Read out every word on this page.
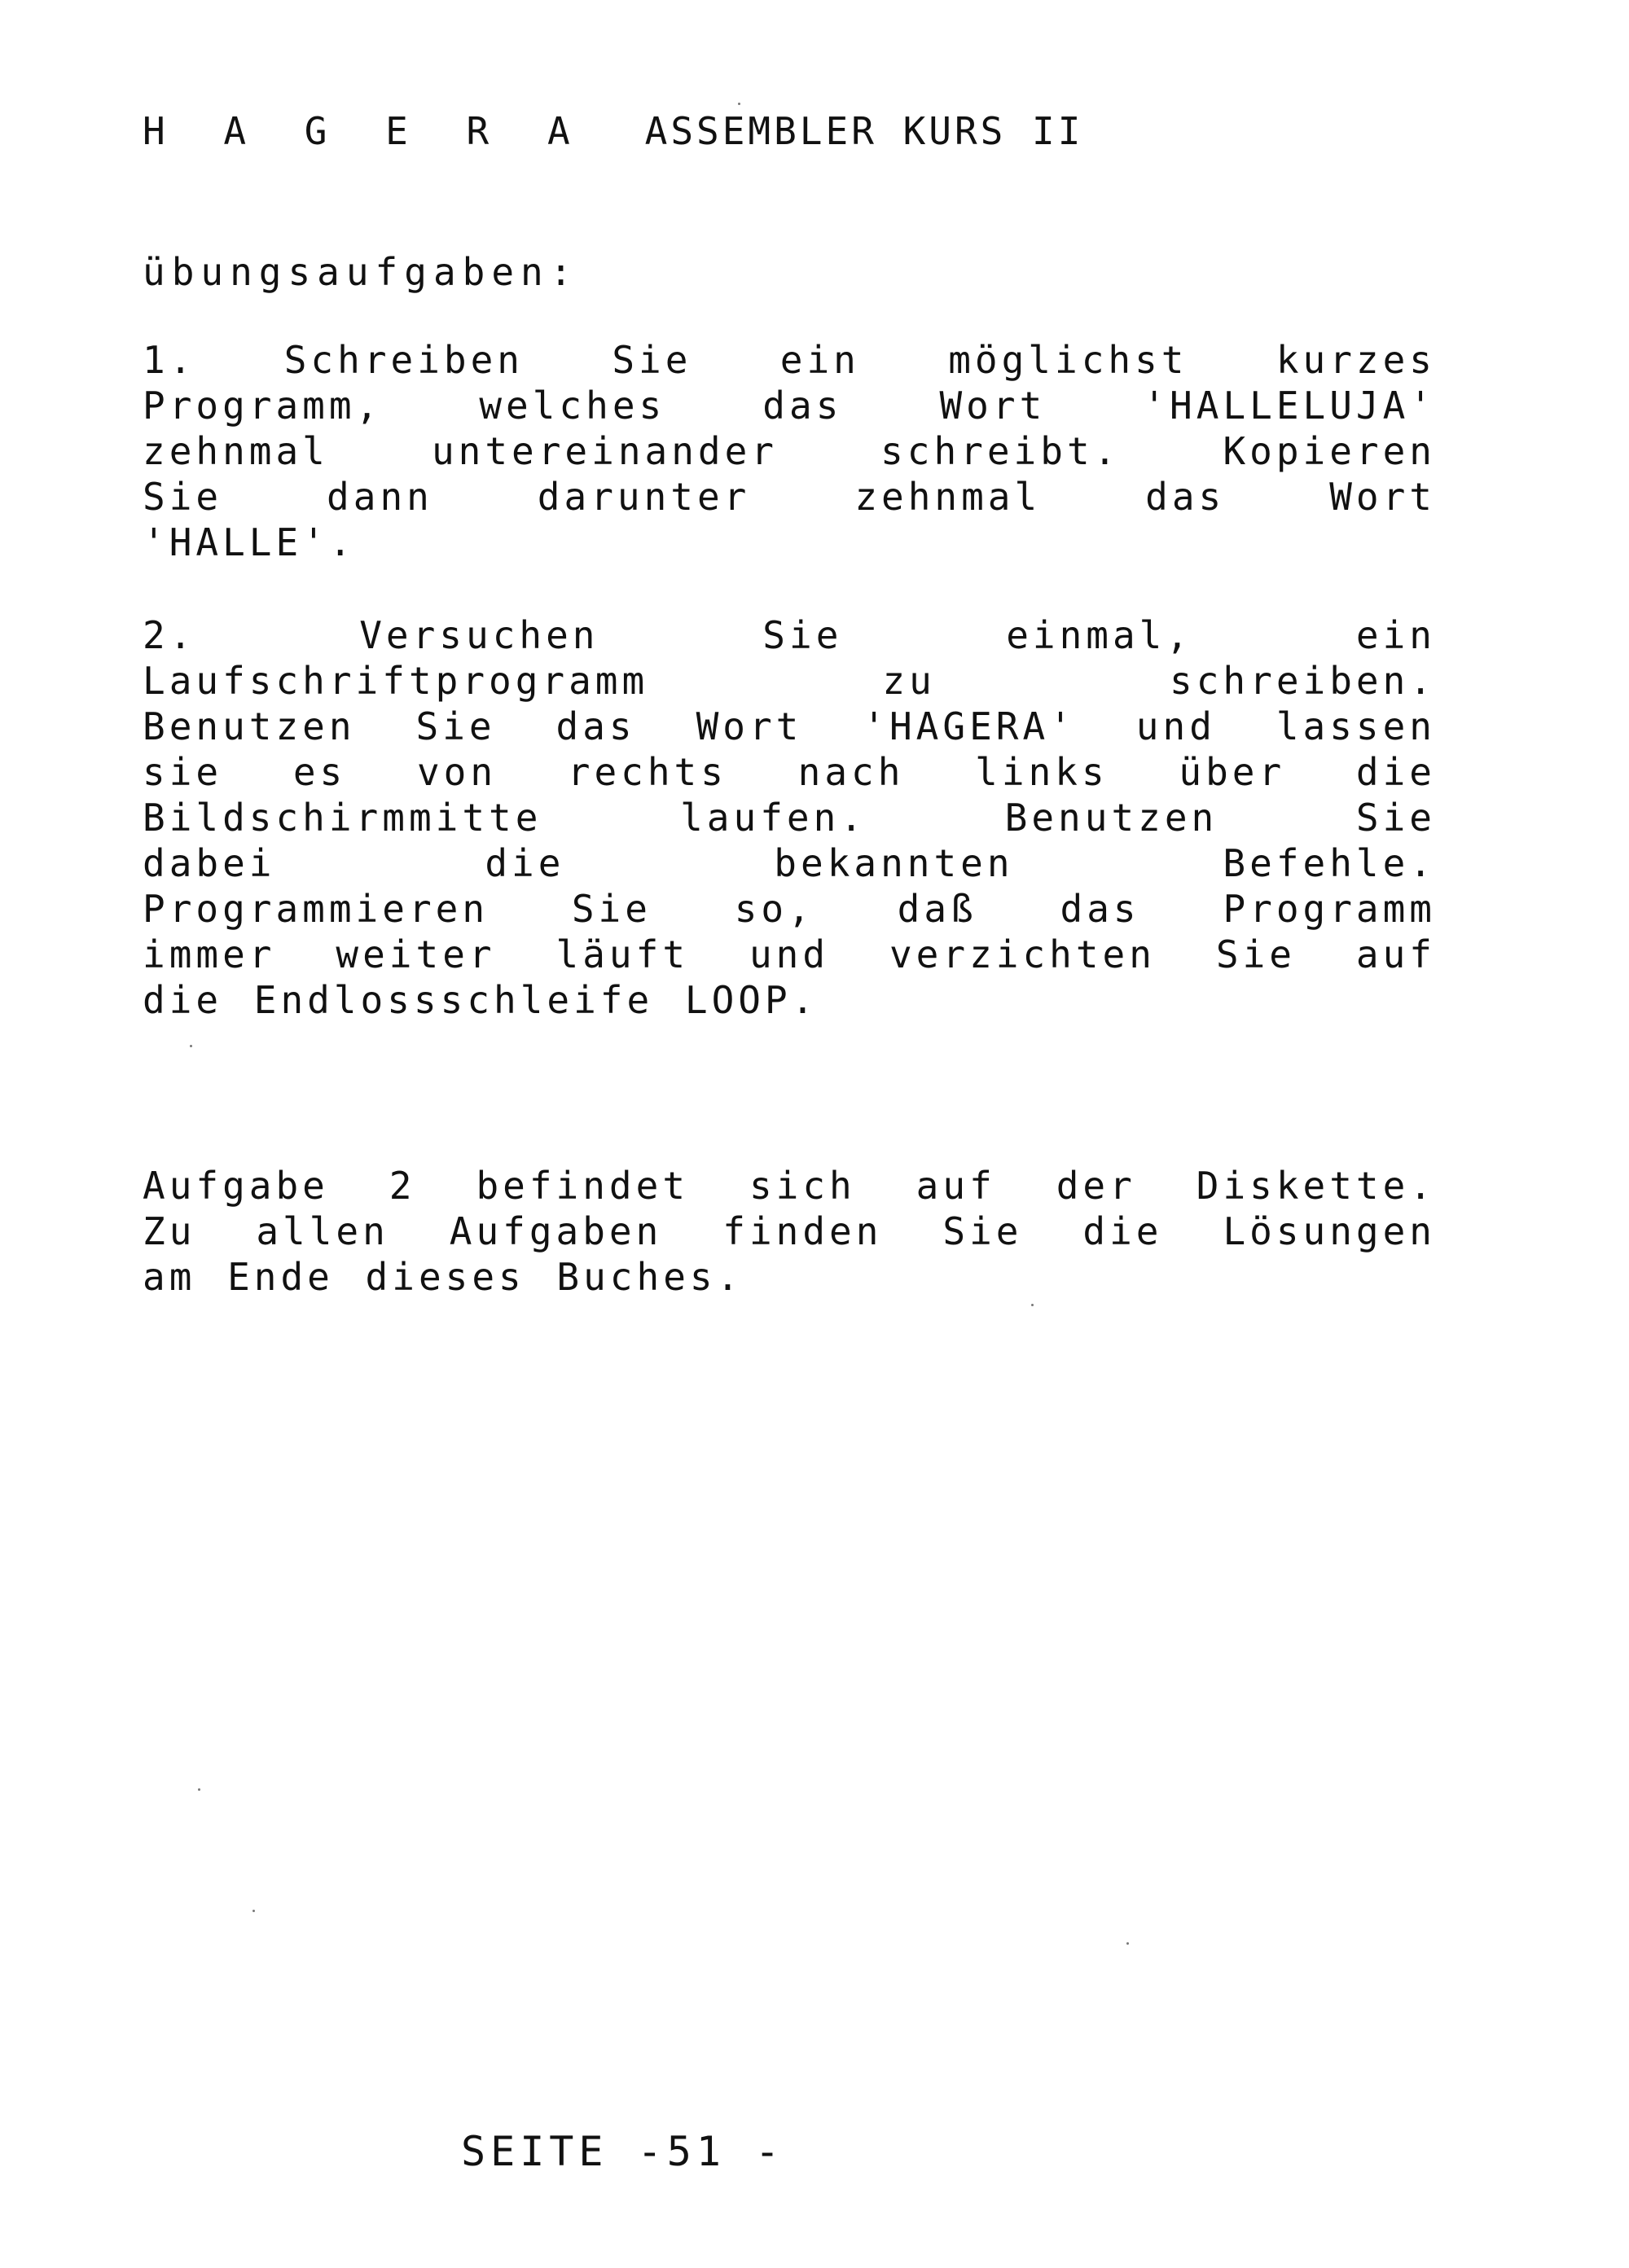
H A G E R A ASSEMBLER KURS II
übungsaufgaben:
1. Schreiben Sie ein möglichst kurzes
Programm, welches das Wort 'HALLELUJA'
zehnmal untereinander schreibt. Kopieren
Sie dann darunter zehnmal das Wort
'HALLE'.
2. Versuchen Sie einmal, ein
Laufschriftprogramm zu schreiben.
Benutzen Sie das Wort 'HAGERA' und lassen
sie es von rechts nach links über die
Bildschirmmitte laufen. Benutzen Sie
dabei die bekannten Befehle.
Programmieren Sie so, daß das Programm
immer weiter läuft und verzichten Sie auf
die Endlossschleife LOOP.
Aufgabe 2 befindet sich auf der Diskette.
Zu allen Aufgaben finden Sie die Lösungen
am Ende dieses Buches.
SEITE -51 -
